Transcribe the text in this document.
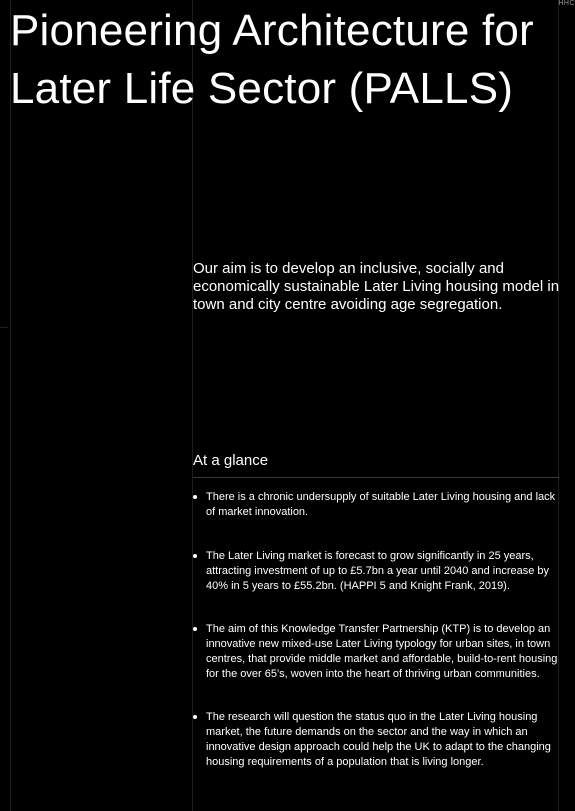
HHC
Pioneering Architecture for Later Life Sector (PALLS)

Our aim is to develop an inclusive, socially and economically sustainable Later Living housing model in town and city centre avoiding age segregation.

At a glance
There is a chronic undersupply of suitable Later Living housing and lack of market innovation.
The Later Living market is forecast to grow significantly in 25 years, attracting investment of up to £5.7bn a year until 2040 and increase by 40% in 5 years to £55.2bn. (HAPPI 5 and Knight Frank, 2019).
The aim of this Knowledge Transfer Partnership (KTP) is to develop an innovative new mixed-use Later Living typology for urban sites, in town centres, that provide middle market and affordable, build-to-rent housing for the over 65’s, woven into the heart of thriving urban communities.
The research will question the status quo in the Later Living housing market, the future demands on the sector and the way in which an innovative design approach could help the UK to adapt to the changing housing requirements of a population that is living longer.
